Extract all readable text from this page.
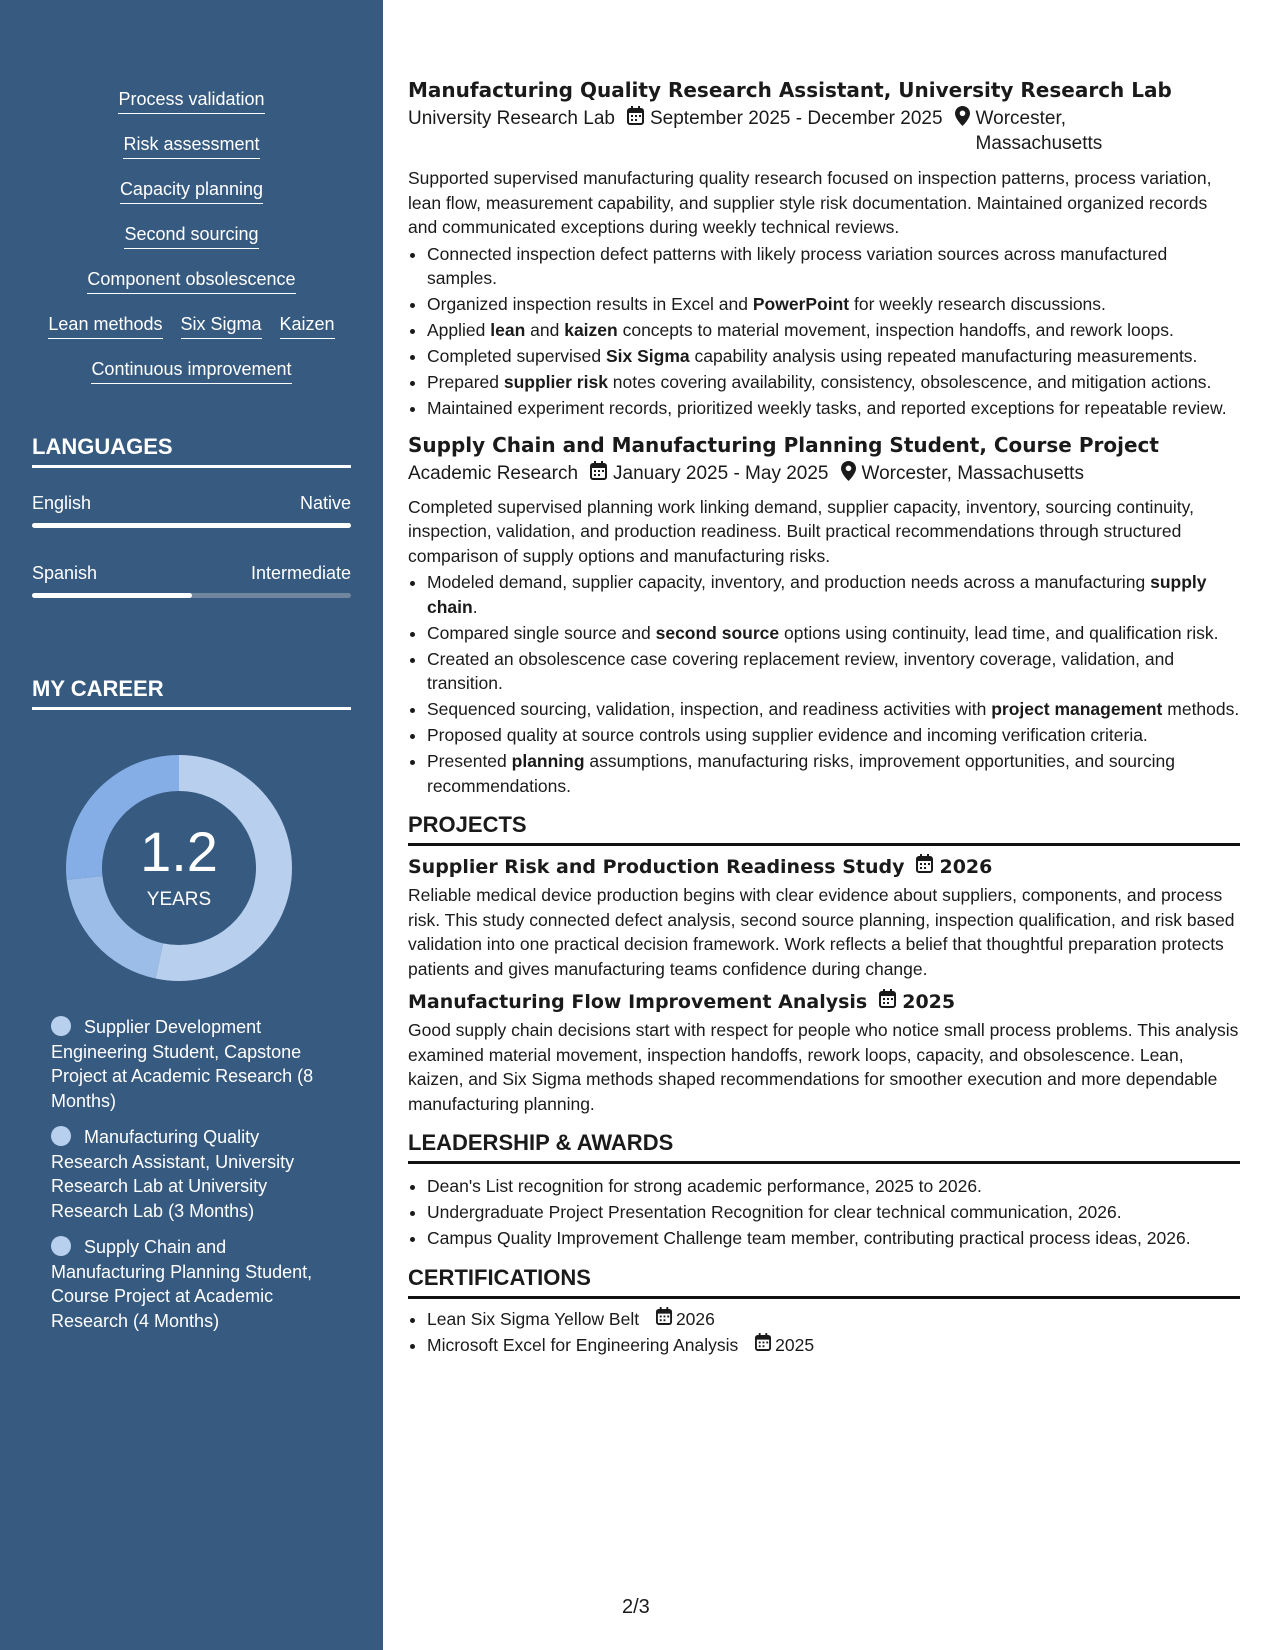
Process validation
Risk assessment
Capacity planning
Second sourcing
Component obsolescence
Lean methods Six Sigma Kaizen
Continuous improvement
LANGUAGES
English	Native
Spanish	Intermediate
MY CAREER
1.2
YEARS
Supplier Development Engineering Student, Capstone Project at Academic Research (8 Months)
Manufacturing Quality Research Assistant, University Research Lab at University Research Lab (3 Months)
Supply Chain and Manufacturing Planning Student, Course Project at Academic Research (4 Months)
Manufacturing Quality Research Assistant, University Research Lab
University Research Lab September 2025 - December 2025 Worcester,
Massachusetts
Supported supervised manufacturing quality research focused on inspection patterns, process variation, lean flow, measurement capability, and supplier style risk documentation. Maintained organized records and communicated exceptions during weekly technical reviews.
• Connected inspection defect patterns with likely process variation sources across manufactured samples.
• Organized inspection results in Excel and PowerPoint for weekly research discussions.
• Applied lean and kaizen concepts to material movement, inspection handoffs, and rework loops.
• Completed supervised Six Sigma capability analysis using repeated manufacturing measurements.
• Prepared supplier risk notes covering availability, consistency, obsolescence, and mitigation actions.
• Maintained experiment records, prioritized weekly tasks, and reported exceptions for repeatable review.
Supply Chain and Manufacturing Planning Student, Course Project
Academic Research January 2025 - May 2025 Worcester, Massachusetts
Completed supervised planning work linking demand, supplier capacity, inventory, sourcing continuity, inspection, validation, and production readiness. Built practical recommendations through structured comparison of supply options and manufacturing risks.
• Modeled demand, supplier capacity, inventory, and production needs across a manufacturing supply chain.
• Compared single source and second source options using continuity, lead time, and qualification risk.
• Created an obsolescence case covering replacement review, inventory coverage, validation, and transition.
• Sequenced sourcing, validation, inspection, and readiness activities with project management methods.
• Proposed quality at source controls using supplier evidence and incoming verification criteria.
• Presented planning assumptions, manufacturing risks, improvement opportunities, and sourcing recommendations.
PROJECTS
Supplier Risk and Production Readiness Study 2026
Reliable medical device production begins with clear evidence about suppliers, components, and process risk. This study connected defect analysis, second source planning, inspection qualification, and risk based validation into one practical decision framework. Work reflects a belief that thoughtful preparation protects patients and gives manufacturing teams confidence during change.
Manufacturing Flow Improvement Analysis 2025
Good supply chain decisions start with respect for people who notice small process problems. This analysis examined material movement, inspection handoffs, rework loops, capacity, and obsolescence. Lean, kaizen, and Six Sigma methods shaped recommendations for smoother execution and more dependable manufacturing planning.
LEADERSHIP & AWARDS
• Dean's List recognition for strong academic performance, 2025 to 2026.
• Undergraduate Project Presentation Recognition for clear technical communication, 2026.
• Campus Quality Improvement Challenge team member, contributing practical process ideas, 2026.
CERTIFICATIONS
• Lean Six Sigma Yellow Belt 2026
• Microsoft Excel for Engineering Analysis 2025
2/3
